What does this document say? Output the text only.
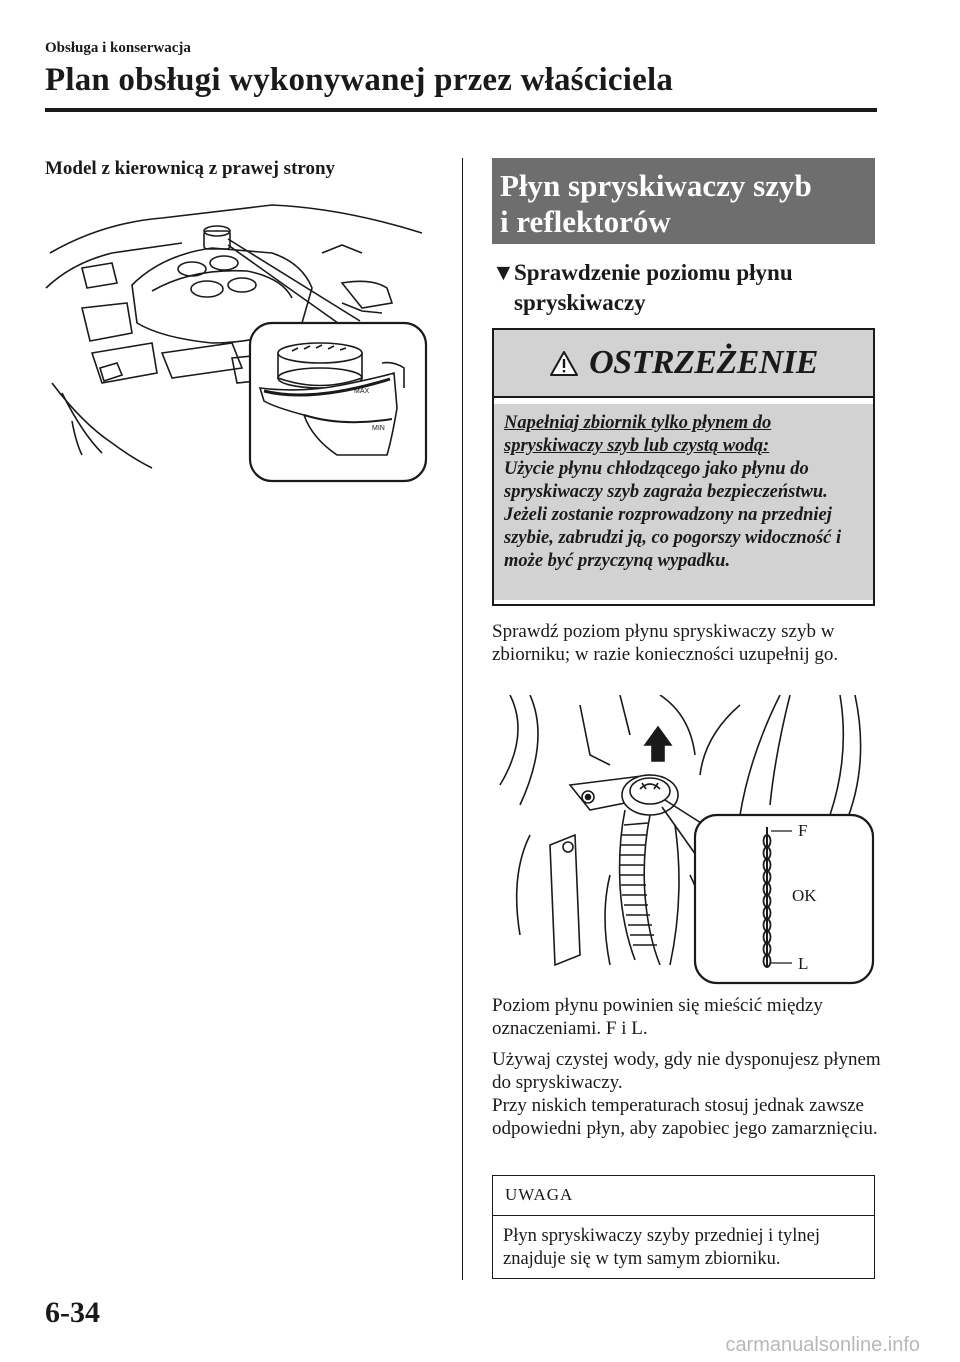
Obsługa i konserwacja
Plan obsługi wykonywanej przez właściciela
Model z kierownicą z prawej strony
MAX
MIN
Płyn spryskiwaczy szyb
i reflektorów
▼Sprawdzenie poziomu płynu spryskiwaczy
OSTRZEŻENIE
Napełniaj zbiornik tylko płynem do spryskiwaczy szyb lub czystą wodą:
Użycie płynu chłodzącego jako płynu do spryskiwaczy szyb zagraża bezpieczeństwu. Jeżeli zostanie rozprowadzony na przedniej szybie, zabrudzi ją, co pogorszy widoczność i może być przyczyną wypadku.
Sprawdź poziom płynu spryskiwaczy szyb w zbiorniku; w razie konieczności uzupełnij go.
F
OK
L
Poziom płynu powinien się mieścić między oznaczeniami. F i L.
Używaj czystej wody, gdy nie dysponujesz płynem do spryskiwaczy.
Przy niskich temperaturach stosuj jednak zawsze odpowiedni płyn, aby zapobiec jego zamarznięciu.
UWAGA
Płyn spryskiwaczy szyby przedniej i tylnej znajduje się w tym samym zbiorniku.
6-34
carmanualsonline.info
